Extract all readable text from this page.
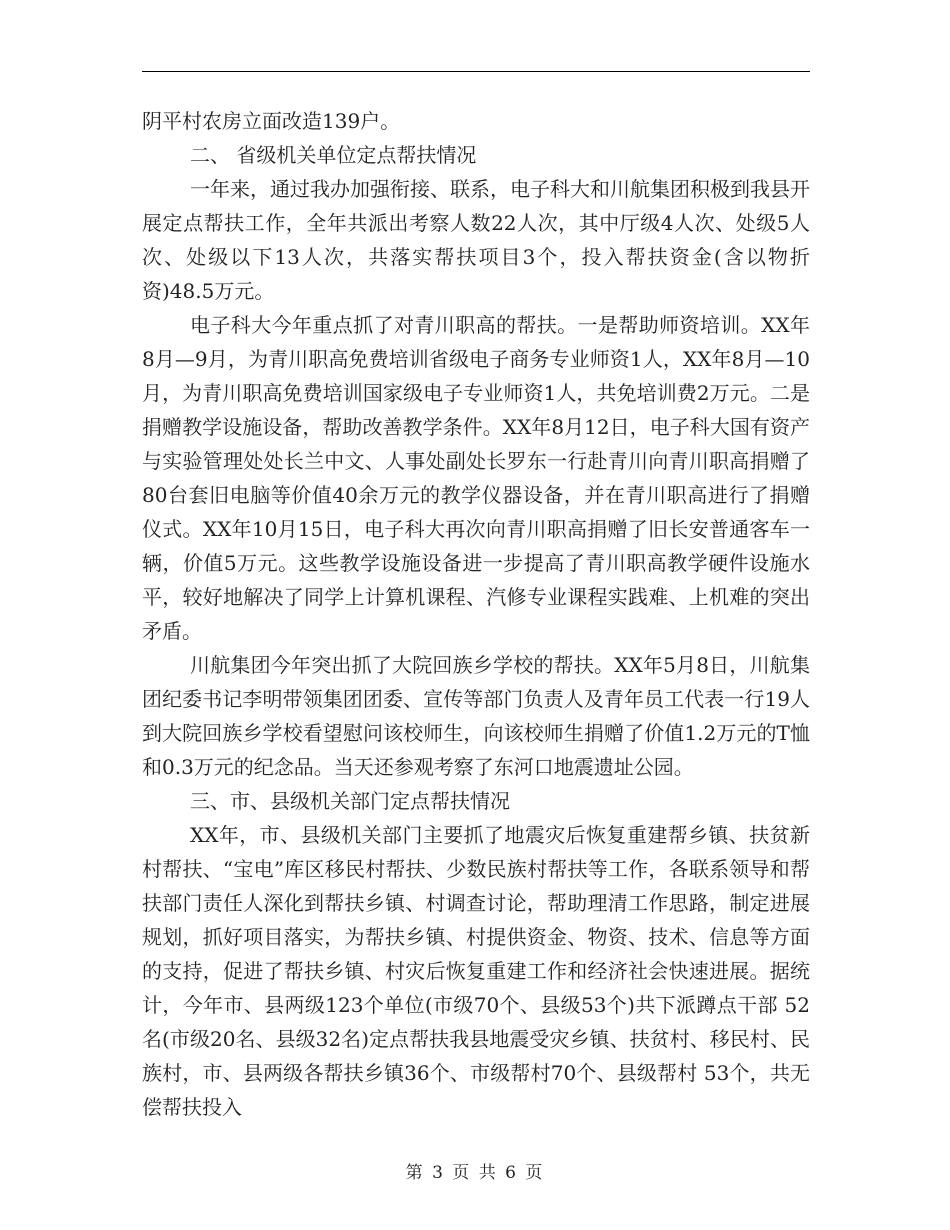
阴平村农房立面改造139户。

二、 省级机关单位定点帮扶情况

一年来，通过我办加强衔接、联系，电子科大和川航集团积极到我县开展定点帮扶工作，全年共派出考察人数22人次，其中厅级4人次、处级5人次、处级以下13人次，共落实帮扶项目3个，投入帮扶资金(含以物折资)48.5万元。

电子科大今年重点抓了对青川职高的帮扶。一是帮助师资培训。XX年8月—9月，为青川职高免费培训省级电子商务专业师资1人，XX年8月—10月，为青川职高免费培训国家级电子专业师资1人，共免培训费2万元。二是捐赠教学设施设备，帮助改善教学条件。XX年8月12日，电子科大国有资产与实验管理处处长兰中文、人事处副处长罗东一行赴青川向青川职高捐赠了80台套旧电脑等价值40余万元的教学仪器设备，并在青川职高进行了捐赠仪式。XX年10月15日，电子科大再次向青川职高捐赠了旧长安普通客车一辆，价值5万元。这些教学设施设备进一步提高了青川职高教学硬件设施水平，较好地解决了同学上计算机课程、汽修专业课程实践难、上机难的突出矛盾。

川航集团今年突出抓了大院回族乡学校的帮扶。XX年5月8日，川航集团纪委书记李明带领集团团委、宣传等部门负责人及青年员工代表一行19人到大院回族乡学校看望慰问该校师生，向该校师生捐赠了价值1.2万元的T恤和0.3万元的纪念品。当天还参观考察了东河口地震遗址公园。

三、市、县级机关部门定点帮扶情况

XX年，市、县级机关部门主要抓了地震灾后恢复重建帮乡镇、扶贫新村帮扶、“宝电”库区移民村帮扶、少数民族村帮扶等工作，各联系领导和帮扶部门责任人深化到帮扶乡镇、村调查讨论，帮助理清工作思路，制定进展规划，抓好项目落实，为帮扶乡镇、村提供资金、物资、技术、信息等方面的支持，促进了帮扶乡镇、村灾后恢复重建工作和经济社会快速进展。据统计，今年市、县两级123个单位(市级70个、县级53个)共下派蹲点干部 52名(市级20名、县级32名)定点帮扶我县地震受灾乡镇、扶贫村、移民村、民族村，市、县两级各帮扶乡镇36个、市级帮村70个、县级帮村 53个，共无偿帮扶投入

第 3 页 共 6 页
